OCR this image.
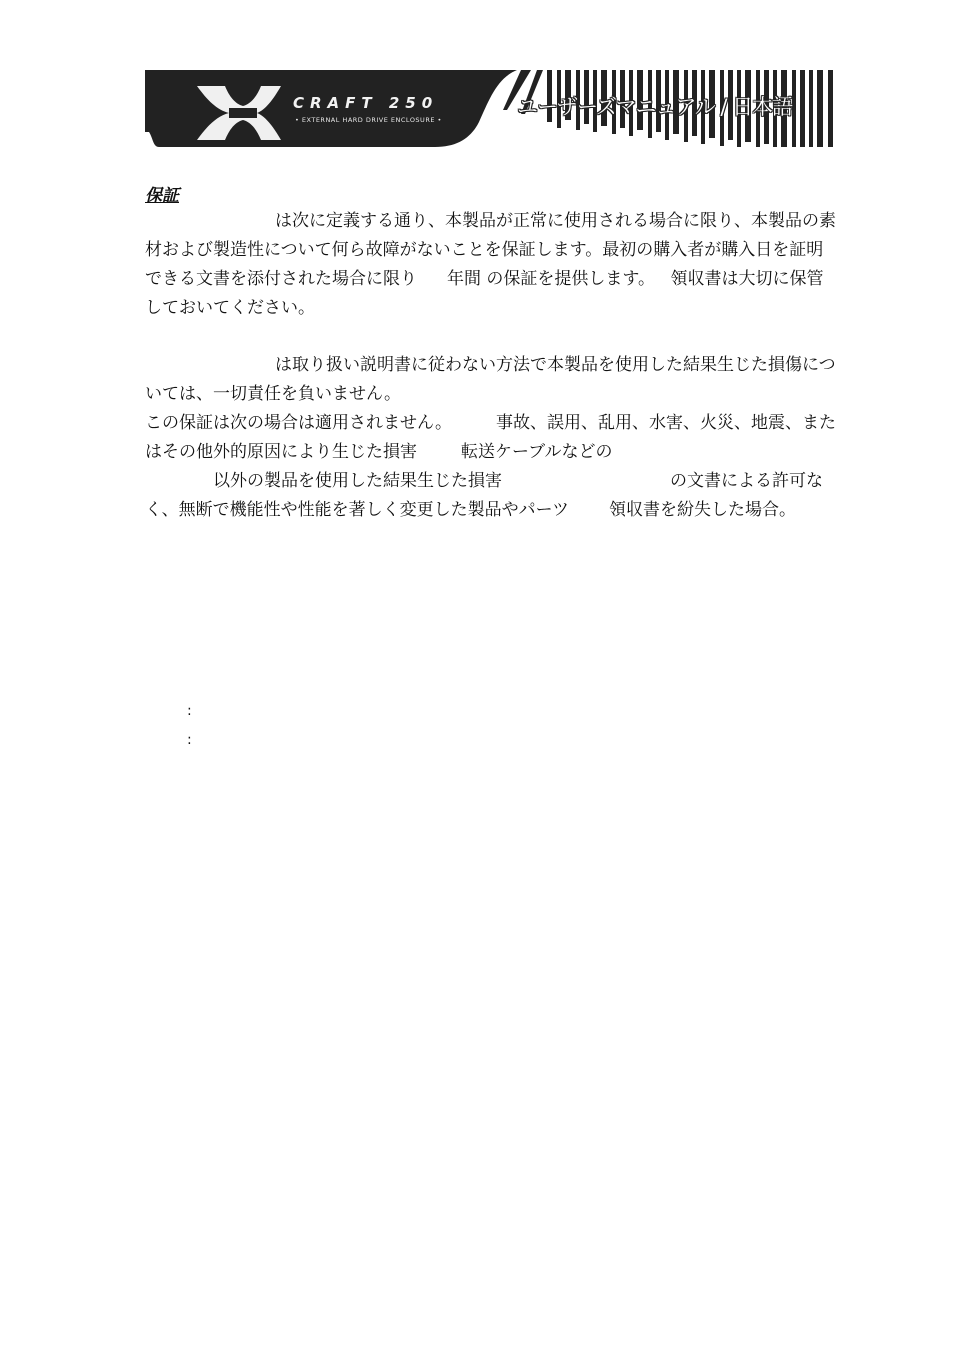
CRAFT 250
• EXTERNAL HARD DRIVE ENCLOSURE •
ユーザーズマニュアル / 日本語
保証

は次に定義する通り、本製品が正常に使用される場合に限り、本製品の素材および製造性について何ら故障がないことを保証します。最初の購入者が購入日を証明できる文書を添付された場合に限り 年間 の保証を提供します。 領収書は大切に保管しておいてください。

は取り扱い説明書に従わない方法で本製品を使用した結果生じた損傷については、一切責任を負いません。
この保証は次の場合は適用されません。	事故、誤用、乱用、水害、火災、地震、またはその他外的原因により生じた損害	転送ケーブルなどの
以外の製品を使用した結果生じた損害	の文書による許可なく、無断で機能性や性能を著しく変更した製品やパーツ 領収書を紛失した場合。

:
:
